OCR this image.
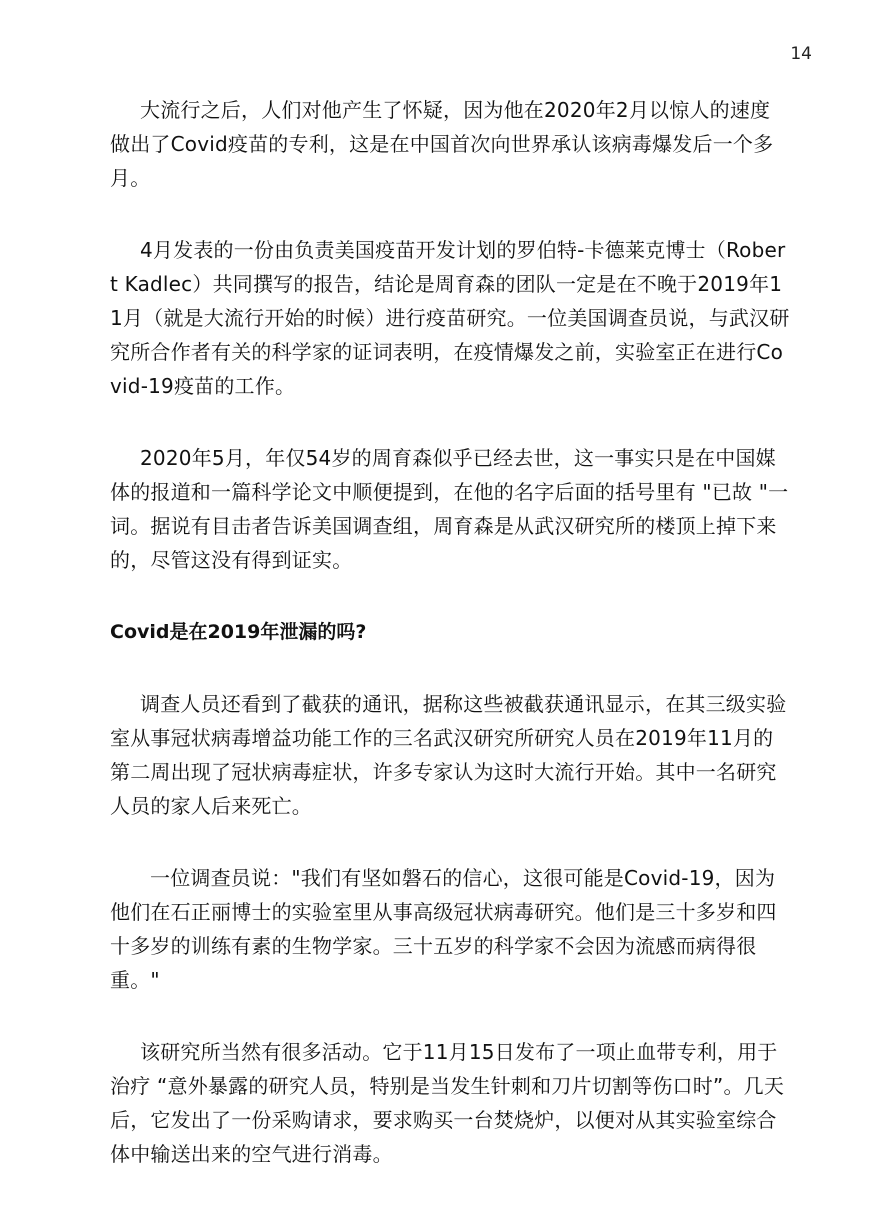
14

大流行之后，人们对他产生了怀疑，因为他在2020年2月以惊人的速度做出了Covid疫苗的专利，这是在中国首次向世界承认该病毒爆发后一个多月。

4月发表的一份由负责美国疫苗开发计划的罗伯特-卡德莱克博士（Robert Kadlec）共同撰写的报告，结论是周育森的团队一定是在不晚于2019年11月（就是大流行开始的时候）进行疫苗研究。一位美国调查员说，与武汉研究所合作者有关的科学家的证词表明，在疫情爆发之前，实验室正在进行Covid-19疫苗的工作。

2020年5月，年仅54岁的周育森似乎已经去世，这一事实只是在中国媒体的报道和一篇科学论文中顺便提到，在他的名字后面的括号里有 "已故 "一词。据说有目击者告诉美国调查组，周育森是从武汉研究所的楼顶上掉下来的，尽管这没有得到证实。

Covid是在2019年泄漏的吗?

调查人员还看到了截获的通讯，据称这些被截获通讯显示，在其三级实验室从事冠状病毒增益功能工作的三名武汉研究所研究人员在2019年11月的第二周出现了冠状病毒症状，许多专家认为这时大流行开始。其中一名研究人员的家人后来死亡。

一位调查员说："我们有坚如磐石的信心，这很可能是Covid-19，因为他们在石正丽博士的实验室里从事高级冠状病毒研究。他们是三十多岁和四十多岁的训练有素的生物学家。三十五岁的科学家不会因为流感而病得很重。"

该研究所当然有很多活动。它于11月15日发布了一项止血带专利，用于治疗 “意外暴露的研究人员，特别是当发生针刺和刀片切割等伤口时”。几天后，它发出了一份采购请求，要求购买一台焚烧炉，以便对从其实验室综合体中输送出来的空气进行消毒。
